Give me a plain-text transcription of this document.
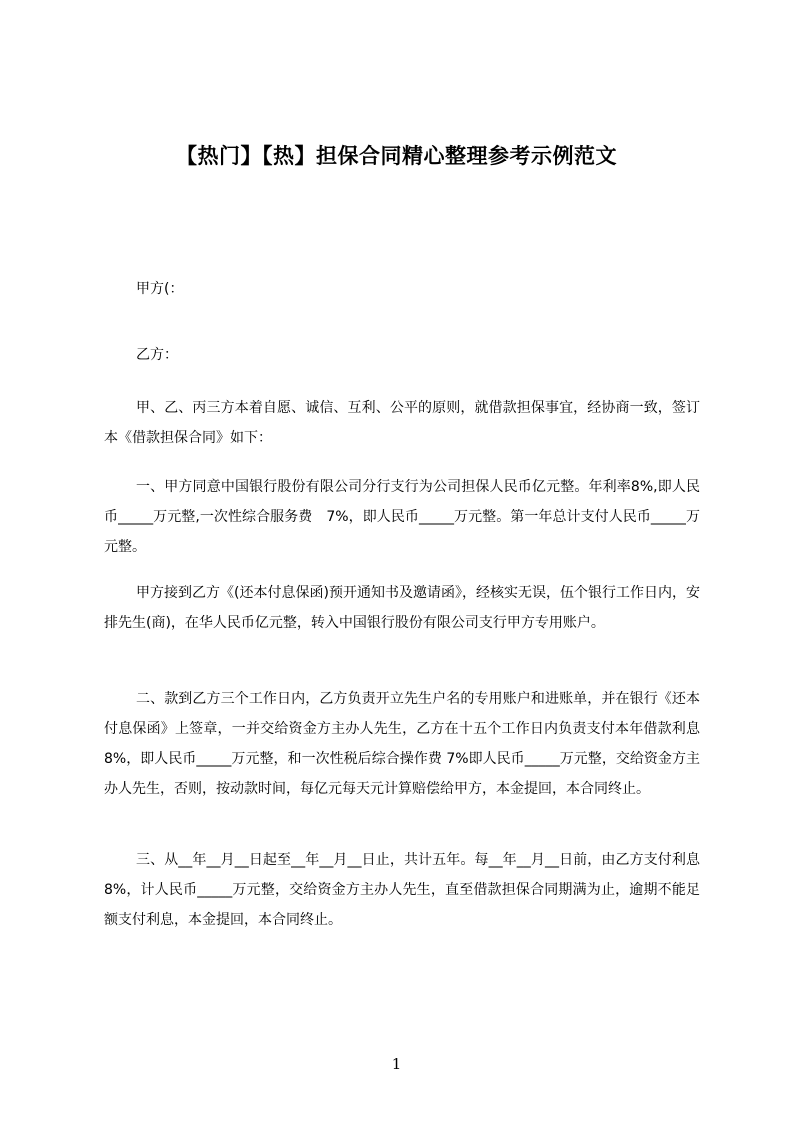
【热门】【热】担保合同精心整理参考示例范文

甲方(：

乙方：

甲、乙、丙三方本着自愿、诚信、互利、公平的原则，就借款担保事宜，经协商一致，签订本《借款担保合同》如下：

一、甲方同意中国银行股份有限公司分行支行为公司担保人民币亿元整。年利率8%,即人民币_____万元整,一次性综合服务费　7%，即人民币_____万元整。第一年总计支付人民币_____万元整。

甲方接到乙方《(还本付息保函)预开通知书及邀请函》，经核实无误，伍个银行工作日内，安排先生(商)，在华人民币亿元整，转入中国银行股份有限公司支行甲方专用账户。

二、款到乙方三个工作日内，乙方负责开立先生户名的专用账户和进账单，并在银行《还本付息保函》上签章，一并交给资金方主办人先生，乙方在十五个工作日内负责支付本年借款利息 8%，即人民币_____万元整，和一次性税后综合操作费 7%即人民币_____万元整，交给资金方主办人先生，否则，按动款时间，每亿元每天元计算赔偿给甲方，本金提回，本合同终止。

三、从__年__月__日起至__年__月__日止，共计五年。每__年__月__日前，由乙方支付利息 8%，计人民币_____万元整，交给资金方主办人先生，直至借款担保合同期满为止，逾期不能足额支付利息，本金提回，本合同终止。

1
